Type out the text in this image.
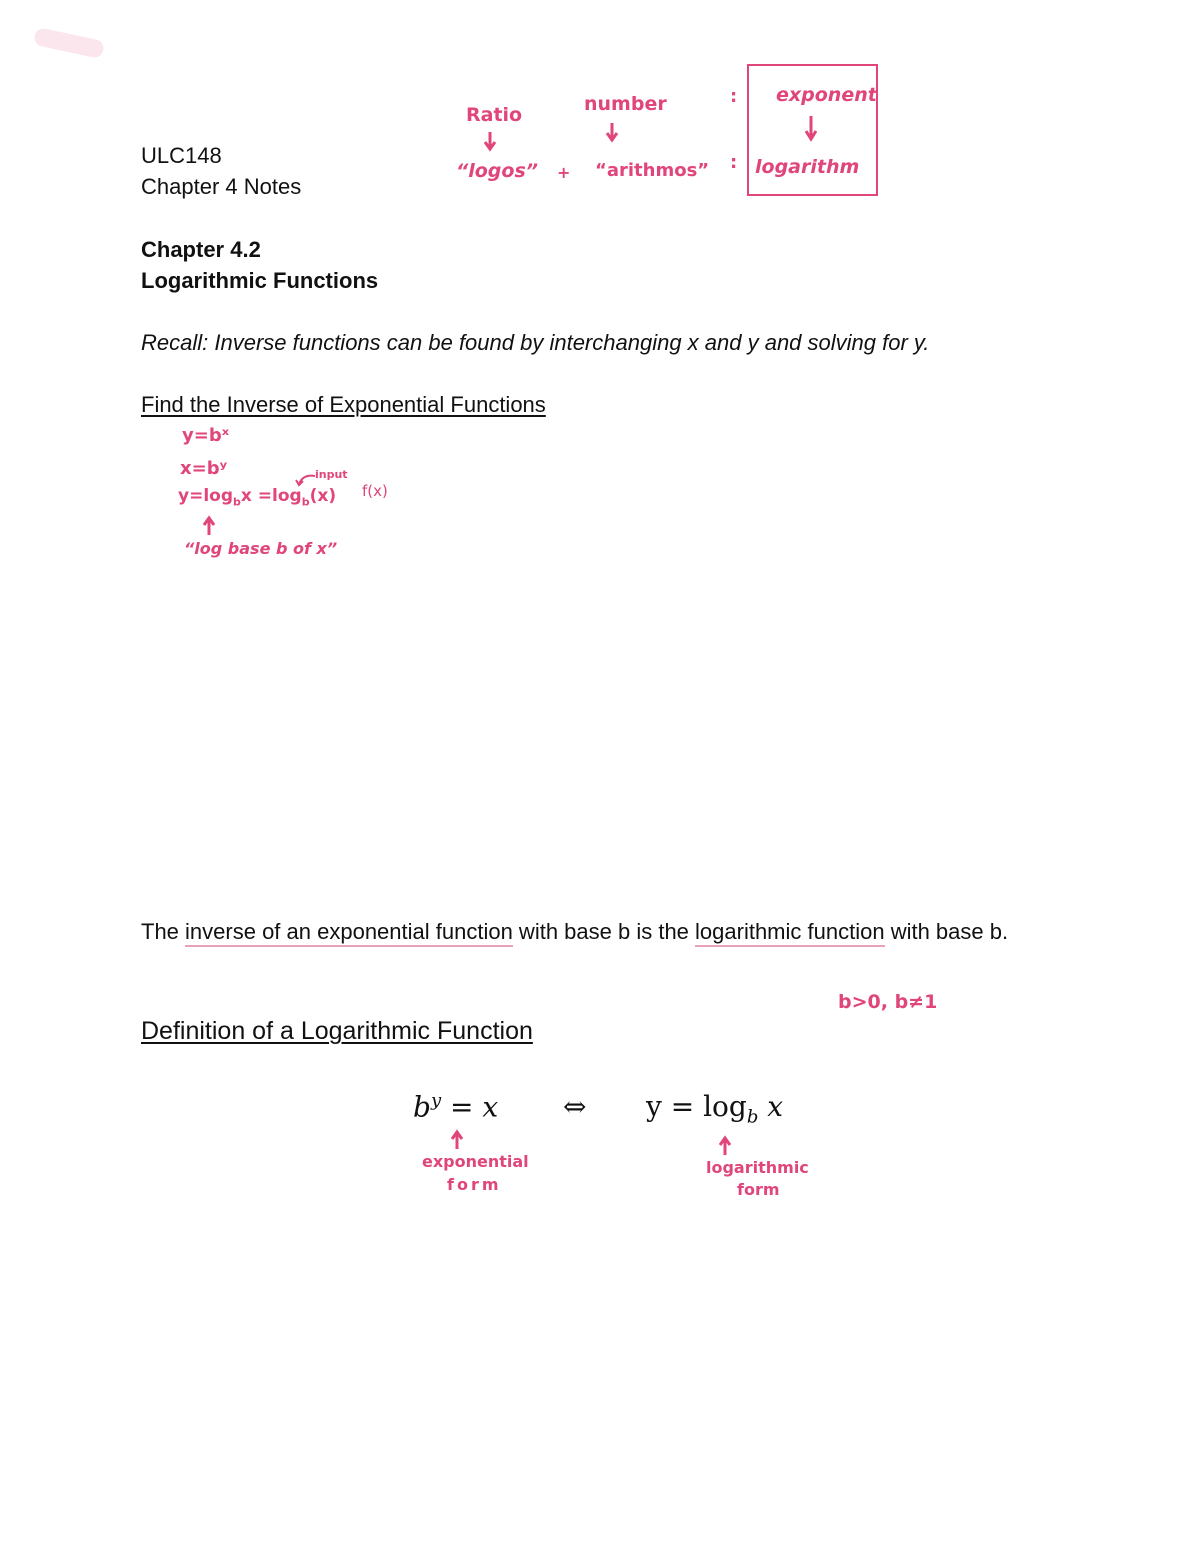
ULC148
Chapter 4 Notes
Ratio
“logos” +
number
“arithmos”
:
:
exponent
logarithm
Chapter 4.2
Logarithmic Functions
Recall: Inverse functions can be found by interchanging x and y and solving for y.
Find the Inverse of Exponential Functions
y=bˣ
x=bʸ
$y=\log_bx =\log_b(x)$
input
f(x)
“log base b of x”
The inverse of an exponential function with base b is the logarithmic function with base b.
b>0, b≠1
Definition of a Logarithmic Function
$b^y = x$ ⇔ $y = \log_b x$
exponential
form
logarithmic
form
